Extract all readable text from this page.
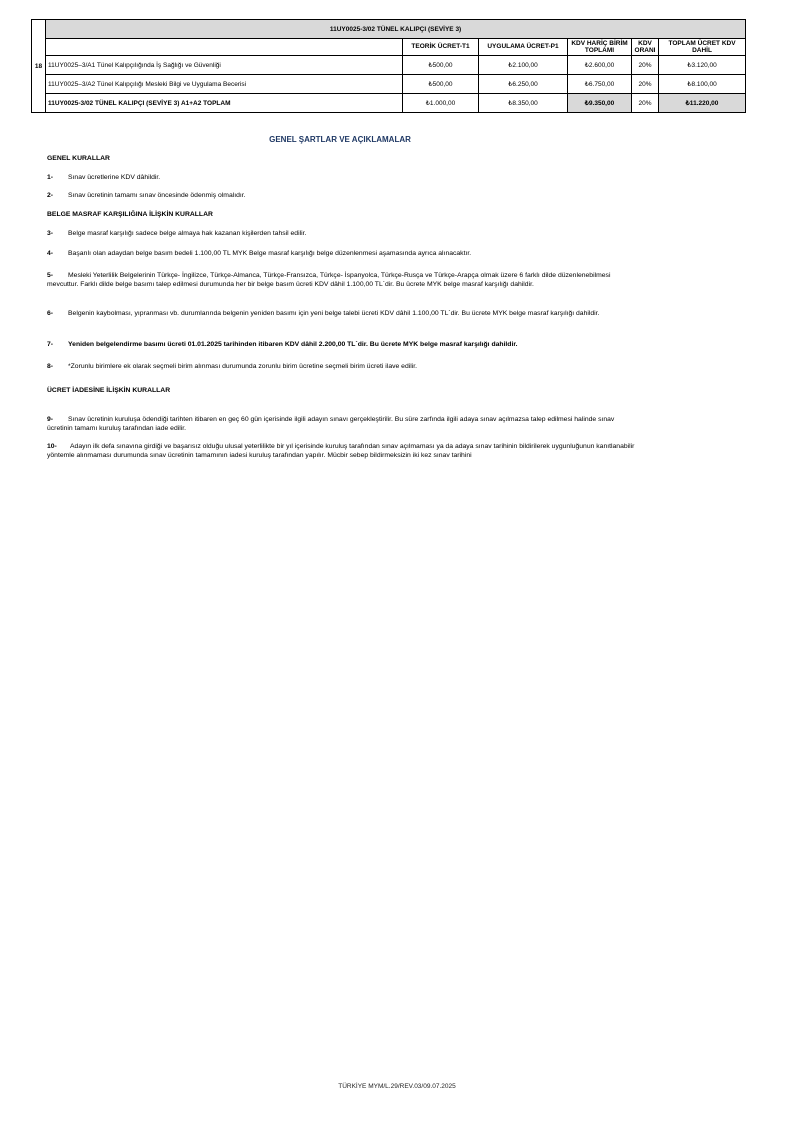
18	11UY0025-3/02 TÜNEL KALIPÇI (SEVİYE 3)					
		TEORİK ÜCRET-T1	UYGULAMA ÜCRET-P1	KDV HARİÇ BİRİM TOPLAMI	KDV ORANI	TOPLAM ÜCRET KDV DAHİL
	11UY0025–3/A1 Tünel Kalıpçılığında İş Sağlığı ve Güvenliği	₺500,00	₺2.100,00	₺2.600,00	20%	₺3.120,00
	11UY0025–3/A2 Tünel Kalıpçılığı Mesleki Bilgi ve Uygulama Becerisi	₺500,00	₺6.250,00	₺6.750,00	20%	₺8.100,00
	11UY0025-3/02 TÜNEL KALIPÇI (SEVİYE 3) A1+A2 TOPLAM	₺1.000,00	₺8.350,00	₺9.350,00	20%	₺11.220,00
GENEL ŞARTLAR VE AÇIKLAMALAR
GENEL KURALLAR
1- Sınav ücretlerine KDV dâhildir.
2- Sınav ücretinin tamamı sınav öncesinde ödenmiş olmalıdır.
BELGE MASRAF KARŞILIĞINA İLİŞKİN KURALLAR
3- Belge masraf karşılığı sadece belge almaya hak kazanan kişilerden tahsil edilir.
4- Başarılı olan adaydan belge basım bedeli 1.100,00 TL MYK Belge masraf karşılığı belge düzenlenmesi aşamasında ayrıca alınacaktır.
5- Mesleki Yeterlilik Belgelerinin Türkçe- İngilizce, Türkçe-Almanca, Türkçe-Fransızca, Türkçe- İspanyolca, Türkçe-Rusça ve Türkçe-Arapça olmak üzere 6 farklı dilde düzenlenebilmesi mevcuttur. Farklı dilde belge basımı talep edilmesi durumunda her bir belge basım ücreti KDV dâhil 1.100,00 TL`dir. Bu ücrete MYK belge masraf karşılığı dahildir.
6- Belgenin kaybolması, yıpranması vb. durumlarında belgenin yeniden basımı için yeni belge talebi ücreti KDV dâhil 1.100,00 TL`dir. Bu ücrete MYK belge masraf karşılığı dahildir.
7- Yeniden belgelendirme basımı ücreti 01.01.2025 tarihinden itibaren KDV dâhil 2.200,00 TL`dir. Bu ücrete MYK belge masraf karşılığı dahildir.
8- *Zorunlu birimlere ek olarak seçmeli birim alınması durumunda zorunlu birim ücretine seçmeli birim ücreti ilave edilir.
ÜCRET İADESİNE İLİŞKİN KURALLAR
9- Sınav ücretinin kuruluşa ödendiği tarihten itibaren en geç 60 gün içerisinde ilgili adayın sınavı gerçekleştirilir. Bu süre zarfında ilgili adaya sınav açılmazsa talep edilmesi halinde sınav ücretinin tamamı kuruluş tarafından iade edilir.
10- Adayın ilk defa sınavına girdiği ve başarısız olduğu ulusal yeterlilikte bir yıl içerisinde kuruluş tarafından sınav açılmaması ya da adaya sınav tarihinin bildirilerek uygunluğunun kanıtlanabilir yöntemle alınmaması durumunda sınav ücretinin tamamının iadesi kuruluş tarafından yapılır. Mücbir sebep bildirmeksizin iki kez sınav tarihini
TÜRKİYE MYM/L.29/REV.03/09.07.2025
